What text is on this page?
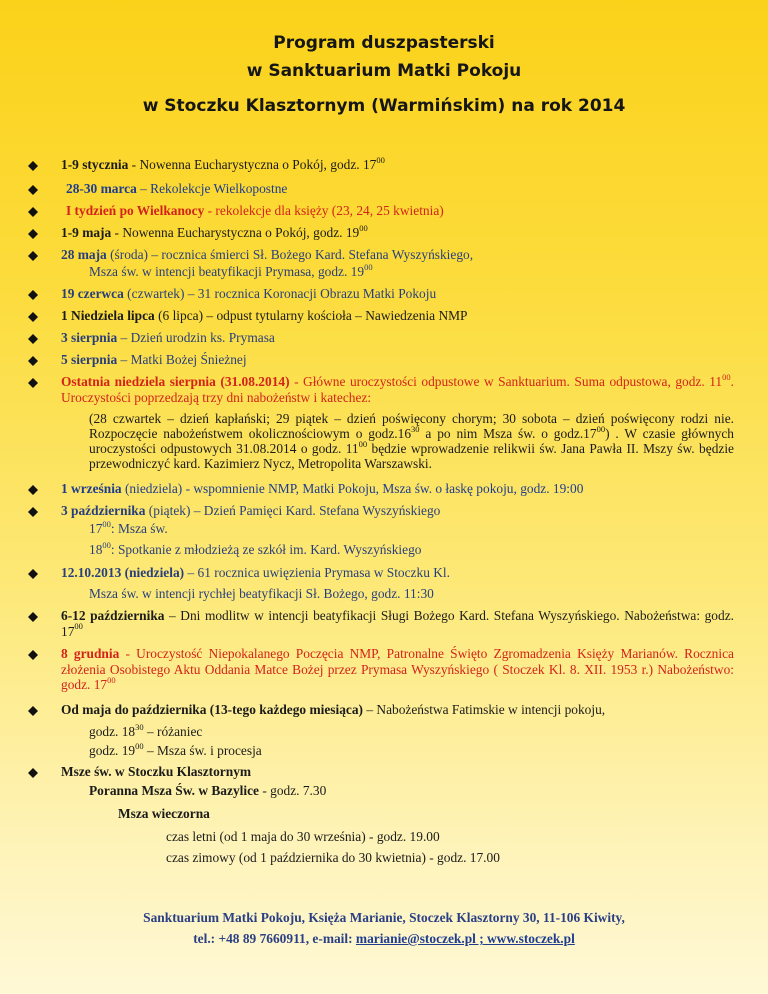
Program duszpasterski
w Sanktuarium Matki Pokoju
w Stoczku Klasztornym (Warmińskim) na rok 2014
1-9 stycznia - Nowenna Eucharystyczna o Pokój, godz. $17^{00}$
28-30 marca – Rekolekcje Wielkopostne
I tydzień po Wielkanocy - rekolekcje dla księży (23, 24, 25 kwietnia)
1-9 maja - Nowenna Eucharystyczna o Pokój, godz. $19^{00}$
28 maja (środa) – rocznica śmierci Sł. Bożego Kard. Stefana Wyszyńskiego,
Msza św. w intencji beatyfikacji Prymasa, godz. $19^{00}$
19 czerwca (czwartek) – 31 rocznica Koronacji Obrazu Matki Pokoju
1 Niedziela lipca (6 lipca) – odpust tytularny kościoła – Nawiedzenia NMP
3 sierpnia – Dzień urodzin ks. Prymasa
5 sierpnia – Matki Bożej Śnieżnej
Ostatnia niedziela sierpnia (31.08.2014) - Główne uroczystości odpustowe w Sanktuarium. Suma odpustowa, godz. $11^{00}$. Uroczystości poprzedzają trzy dni nabożeństw i katechez:
(28 czwartek – dzień kapłański; 29 piątek – dzień poświęcony chorym; 30 sobota – dzień poświęcony rodzi nie. Rozpoczęcie nabożeństwem okolicznościowym o $godz.16^{30}$ a po nim Msza św. o $godz.17^{00}$) . W czasie głównych uroczystości odpustowych 31.08.2014 o godz. $11^{00}$ będzie wprowadzenie relikwii św. Jana Pawła II. Mszy św. będzie przewodniczyć kard. Kazimierz Nycz, Metropolita Warszawski.
1 września (niedziela) - wspomnienie NMP, Matki Pokoju, Msza św. o łaskę pokoju, godz. 19:00
3 października (piątek) – Dzień Pamięci Kard. Stefana Wyszyńskiego
$17^{00}$: Msza św.
$18^{00}$: Spotkanie z młodzieżą ze szkół im. Kard. Wyszyńskiego
12.10.2013 (niedziela) – 61 rocznica uwięzienia Prymasa w Stoczku Kl.
Msza św. w intencji rychłej beatyfikacji Sł. Bożego, godz. 11:30
6-12 października – Dni modlitw w intencji beatyfikacji Sługi Bożego Kard. Stefana Wyszyńskiego. Nabożeństwa: godz. $17^{00}$
8 grudnia - Uroczystość Niepokalanego Poczęcia NMP, Patronalne Święto Zgromadzenia Księży Marianów. Rocznica złożenia Osobistego Aktu Oddania Matce Bożej przez Prymasa Wyszyńskiego ( Stoczek Kl. 8. XII. 1953 r.) Nabożeństwo: godz. $17^{00}$
Od maja do października (13-tego każdego miesiąca) – Nabożeństwa Fatimskie w intencji pokoju,
godz. $18^{30}$ – różaniec
godz. $19^{00}$ – Msza św. i procesja
Msze św. w Stoczku Klasztornym
Poranna Msza Św. w Bazylice - godz. 7.30
Msza wieczorna
czas letni (od 1 maja do 30 września) - godz. 19.00
czas zimowy (od 1 października do 30 kwietnia) - godz. 17.00
Sanktuarium Matki Pokoju, Księża Marianie, Stoczek Klasztorny 30, 11-106 Kiwity,
tel.: +48 89 7660911, e-mail: marianie@stoczek.pl ; www.stoczek.pl
